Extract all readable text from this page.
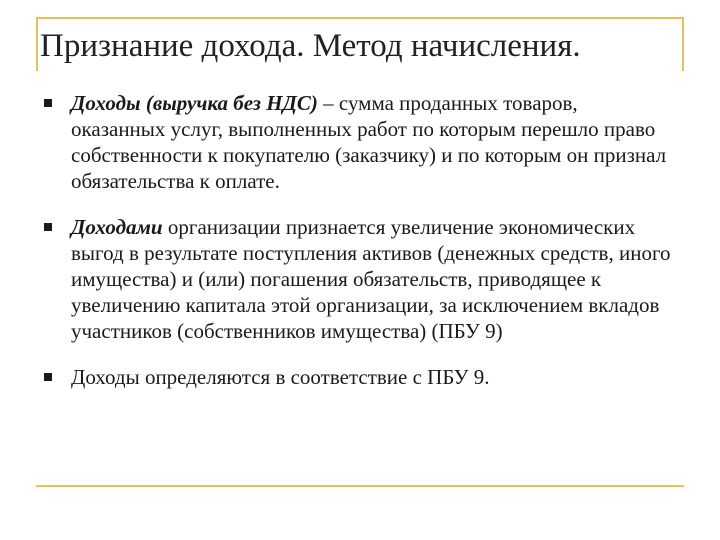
Признание дохода. Метод начисления.
Доходы (выручка без НДС) – сумма проданных товаров, оказанных услуг, выполненных работ по которым перешло право собственности к покупателю (заказчику) и по которым он признал обязательства к оплате.
Доходами организации признается увеличение экономических выгод в результате поступления активов (денежных средств, иного имущества) и (или) погашения обязательств, приводящее к увеличению капитала этой организации, за исключением вкладов участников (собственников имущества) (ПБУ 9)
Доходы определяются в соответствие с ПБУ 9.
